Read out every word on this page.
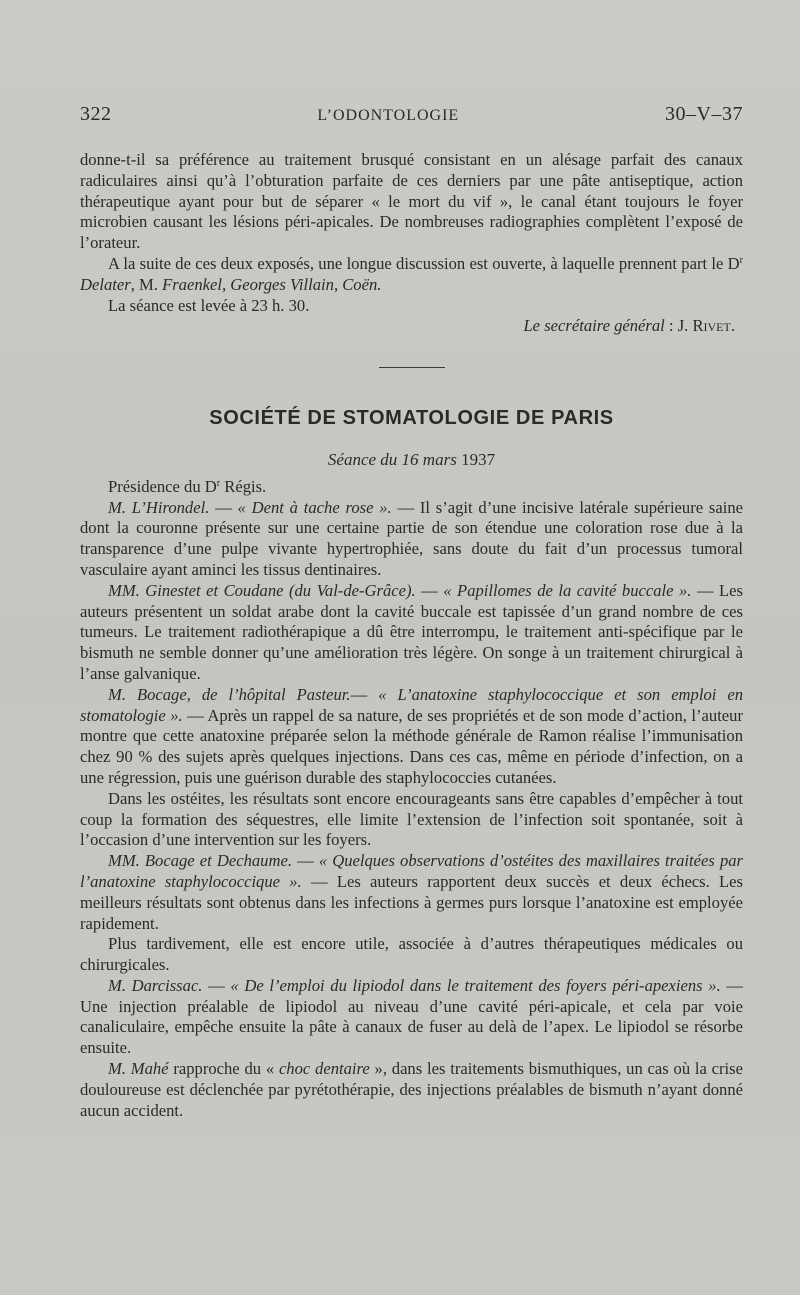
322	L’ODONTOLOGIE	30–V–37

donne-t-il sa préférence au traitement brusqué consistant en un alésage parfait des canaux radiculaires ainsi qu’à l’obturation parfaite de ces derniers par une pâte antiseptique, action thérapeutique ayant pour but de séparer « le mort du vif », le canal étant toujours le foyer microbien causant les lésions péri-apicales. De nombreuses radiographies complètent l’exposé de l’orateur.

A la suite de ces deux exposés, une longue discussion est ouverte, à laquelle prennent part le $D^r$ Delater, M. Fraenkel, Georges Villain, Coën.

La séance est levée à 23 h. 30.

Le secrétaire général : J. Rivet.

SOCIÉTÉ DE STOMATOLOGIE DE PARIS
Séance du 16 mars 1937

Présidence du $D^r$ Régis.

M. L’Hirondel. — « Dent à tache rose ». — Il s’agit d’une incisive latérale supérieure saine dont la couronne présente sur une certaine partie de son étendue une coloration rose due à la transparence d’une pulpe vivante hypertrophiée, sans doute du fait d’un processus tumoral vasculaire ayant aminci les tissus dentinaires.

MM. Ginestet et Coudane (du Val-de-Grâce). — « Papillomes de la cavité buccale ». — Les auteurs présentent un soldat arabe dont la cavité buccale est tapissée d’un grand nombre de ces tumeurs. Le traitement radiothérapique a dû être interrompu, le traitement anti-spécifique par le bismuth ne semble donner qu’une amélioration très légère. On songe à un traitement chirurgical à l’anse galvanique.

M. Bocage, de l’hôpital Pasteur.— « L’anatoxine staphylococcique et son emploi en stomatologie ». — Après un rappel de sa nature, de ses propriétés et de son mode d’action, l’auteur montre que cette anatoxine préparée selon la méthode générale de Ramon réalise l’immunisation chez 90 % des sujets après quelques injections. Dans ces cas, même en période d’infection, on a une régression, puis une guérison durable des staphylococcies cutanées.

Dans les ostéites, les résultats sont encore encourageants sans être capables d’empêcher à tout coup la formation des séquestres, elle limite l’extension de l’infection soit spontanée, soit à l’occasion d’une intervention sur les foyers.

MM. Bocage et Dechaume. — « Quelques observations d’ostéites des maxillaires traitées par l’anatoxine staphylococcique ». — Les auteurs rapportent deux succès et deux échecs. Les meilleurs résultats sont obtenus dans les infections à germes purs lorsque l’anatoxine est employée rapidement.

Plus tardivement, elle est encore utile, associée à d’autres thérapeutiques médicales ou chirurgicales.

M. Darcissac. — « De l’emploi du lipiodol dans le traitement des foyers péri-apexiens ». — Une injection préalable de lipiodol au niveau d’une cavité péri-apicale, et cela par voie canaliculaire, empêche ensuite la pâte à canaux de fuser au delà de l’apex. Le lipiodol se résorbe ensuite.

M. Mahé rapproche du « choc dentaire », dans les traitements bismuthiques, un cas où la crise douloureuse est déclenchée par pyrétothérapie, des injections préalables de bismuth n’ayant donné aucun accident.
